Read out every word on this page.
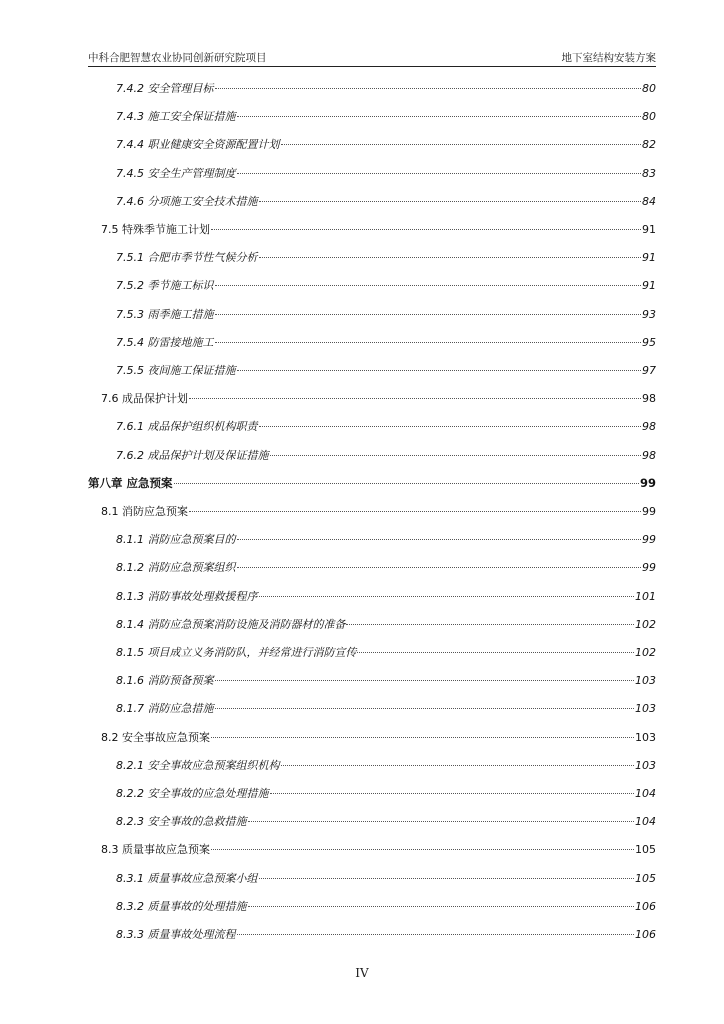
中科合肥智慧农业协同创新研究院项目	地下室结构安装方案
7.4.2 安全管理目标	80
7.4.3 施工安全保证措施	80
7.4.4 职业健康安全资源配置计划	82
7.4.5 安全生产管理制度	83
7.4.6 分项施工安全技术措施	84
7.5 特殊季节施工计划	91
7.5.1 合肥市季节性气候分析	91
7.5.2 季节施工标识	91
7.5.3 雨季施工措施	93
7.5.4 防雷接地施工	95
7.5.5 夜间施工保证措施	97
7.6 成品保护计划	98
7.6.1 成品保护组织机构职责	98
7.6.2 成品保护计划及保证措施	98
第八章 应急预案	99
8.1 消防应急预案	99
8.1.1 消防应急预案目的	99
8.1.2 消防应急预案组织	99
8.1.3 消防事故处理救援程序	101
8.1.4 消防应急预案消防设施及消防器材的准备	102
8.1.5 项目成立义务消防队，并经常进行消防宣传	102
8.1.6 消防预备预案	103
8.1.7 消防应急措施	103
8.2 安全事故应急预案	103
8.2.1 安全事故应急预案组织机构	103
8.2.2 安全事故的应急处理措施	104
8.2.3 安全事故的急救措施	104
8.3 质量事故应急预案	105
8.3.1 质量事故应急预案小组	105
8.3.2 质量事故的处理措施	106
8.3.3 质量事故处理流程	106
IV
